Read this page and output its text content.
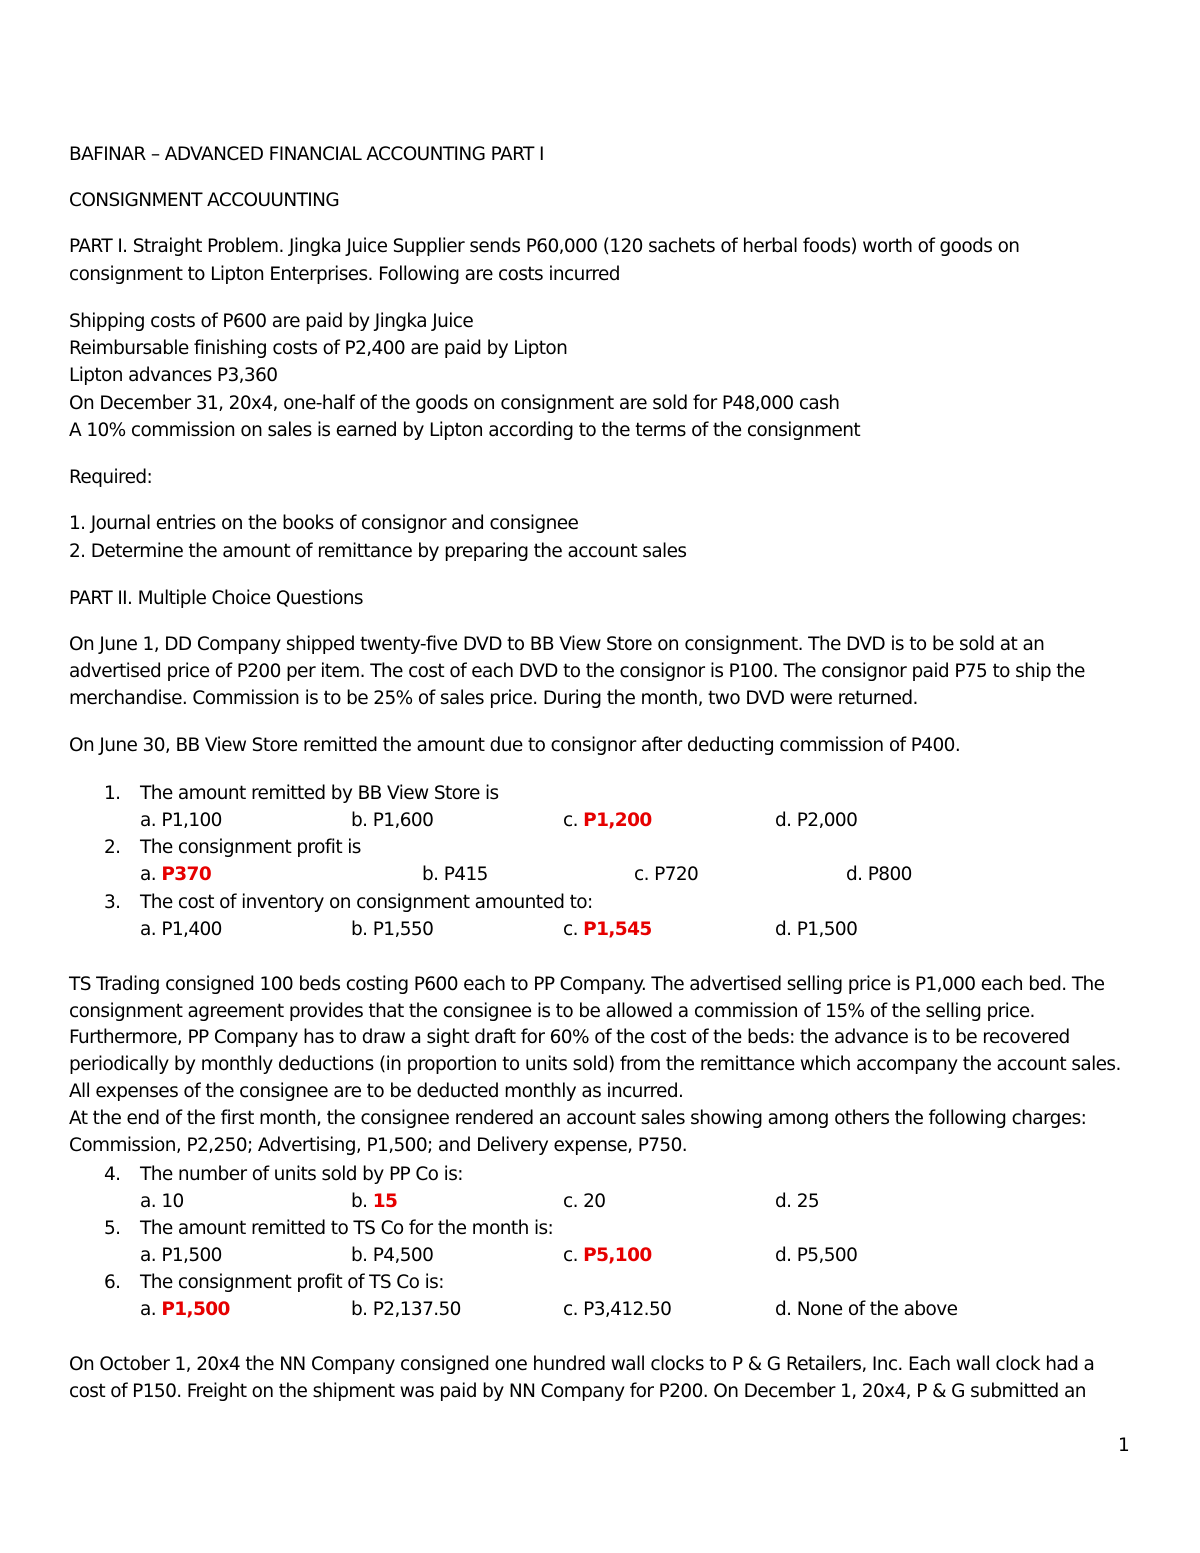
BAFINAR – ADVANCED FINANCIAL ACCOUNTING PART I
CONSIGNMENT ACCOUUNTING
PART I. Straight Problem. Jingka Juice Supplier sends P60,000 (120 sachets of herbal foods) worth of goods on
consignment to Lipton Enterprises. Following are costs incurred
Shipping costs of P600 are paid by Jingka Juice
Reimbursable finishing costs of P2,400 are paid by Lipton
Lipton advances P3,360
On December 31, 20x4, one-half of the goods on consignment are sold for P48,000 cash
A 10% commission on sales is earned by Lipton according to the terms of the consignment
Required:
1. Journal entries on the books of consignor and consignee
2. Determine the amount of remittance by preparing the account sales
PART II. Multiple Choice Questions
On June 1, DD Company shipped twenty-five DVD to BB View Store on consignment. The DVD is to be sold at an
advertised price of P200 per item. The cost of each DVD to the consignor is P100. The consignor paid P75 to ship the
merchandise. Commission is to be 25% of sales price. During the month, two DVD were returned.
On June 30, BB View Store remitted the amount due to consignor after deducting commission of P400.
1. The amount remitted by BB View Store is
a. P1,100	b. P1,600	c. P1,200	d. P2,000
2. The consignment profit is
a. P370	b. P415	c. P720	d. P800
3. The cost of inventory on consignment amounted to:
a. P1,400	b. P1,550	c. P1,545	d. P1,500
TS Trading consigned 100 beds costing P600 each to PP Company. The advertised selling price is P1,000 each bed. The
consignment agreement provides that the consignee is to be allowed a commission of 15% of the selling price.
Furthermore, PP Company has to draw a sight draft for 60% of the cost of the beds: the advance is to be recovered
periodically by monthly deductions (in proportion to units sold) from the remittance which accompany the account sales.
All expenses of the consignee are to be deducted monthly as incurred.
At the end of the first month, the consignee rendered an account sales showing among others the following charges:
Commission, P2,250; Advertising, P1,500; and Delivery expense, P750.
4. The number of units sold by PP Co is:
a. 10	b. 15	c. 20	d. 25
5. The amount remitted to TS Co for the month is:
a. P1,500	b. P4,500	c. P5,100	d. P5,500
6. The consignment profit of TS Co is:
a. P1,500	b. P2,137.50	c. P3,412.50	d. None of the above
On October 1, 20x4 the NN Company consigned one hundred wall clocks to P & G Retailers, Inc. Each wall clock had a
cost of P150. Freight on the shipment was paid by NN Company for P200. On December 1, 20x4, P & G submitted an
1
